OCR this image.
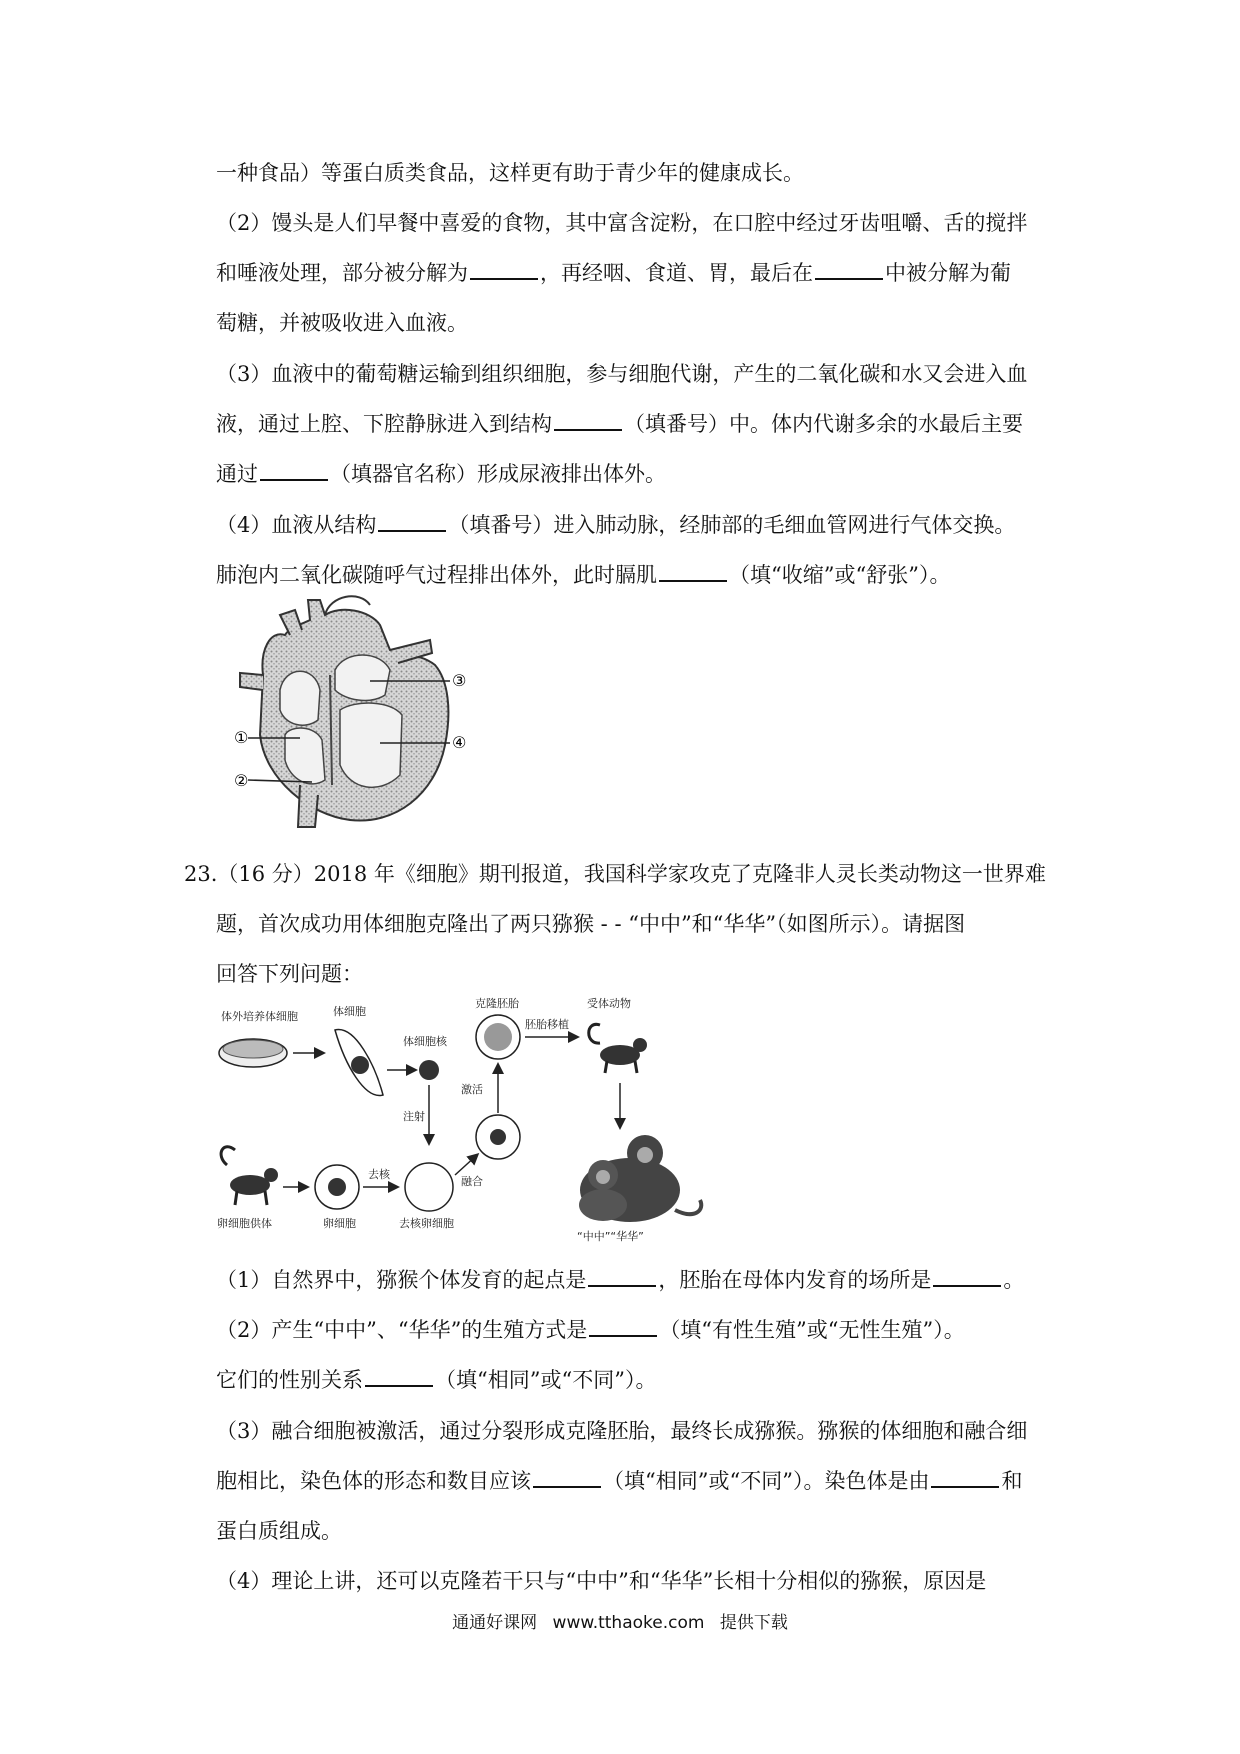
一种食品）等蛋白质类食品，这样更有助于青少年的健康成长。
（2）馒头是人们早餐中喜爱的食物，其中富含淀粉，在口腔中经过牙齿咀嚼、舌的搅拌
和唾液处理，部分被分解为	，再经咽、食道、胃，最后在	中被分解为葡
萄糖，并被吸收进入血液。
（3）血液中的葡萄糖运输到组织细胞，参与细胞代谢，产生的二氧化碳和水又会进入血
液，通过上腔、下腔静脉进入到结构	（填番号）中。体内代谢多余的水最后主要
通过	（填器官名称）形成尿液排出体外。
（4）血液从结构	（填番号）进入肺动脉，经肺部的毛细血管网进行气体交换。
肺泡内二氧化碳随呼气过程排出体外，此时膈肌	（填“收缩”或“舒张”）。
①
②
③
④
23.（16 分）2018 年《细胞》期刊报道，我国科学家攻克了克隆非人灵长类动物这一世界难
题，首次成功用体细胞克隆出了两只猕猴 - - “中中”和“华华”（如图所示）。请据图
回答下列问题：
体外培养体细胞	体细胞
体细胞核
注射
克隆胚胎
胚胎移植
受体动物
激活
卵细胞供体	卵细胞
去核
去核卵细胞
融合
“中中”“华华”
（1）自然界中，猕猴个体发育的起点是	，胚胎在母体内发育的场所是	。
（2）产生“中中”、“华华”的生殖方式是	（填“有性生殖”或“无性生殖”）。
它们的性别关系	（填“相同”或“不同”）。
（3）融合细胞被激活，通过分裂形成克隆胚胎，最终长成猕猴。猕猴的体细胞和融合细
胞相比，染色体的形态和数目应该	（填“相同”或“不同”）。染色体是由	和
蛋白质组成。
（4）理论上讲，还可以克隆若干只与“中中”和“华华”长相十分相似的猕猴，原因是
通通好课网 www.tthaoke.com 提供下载
